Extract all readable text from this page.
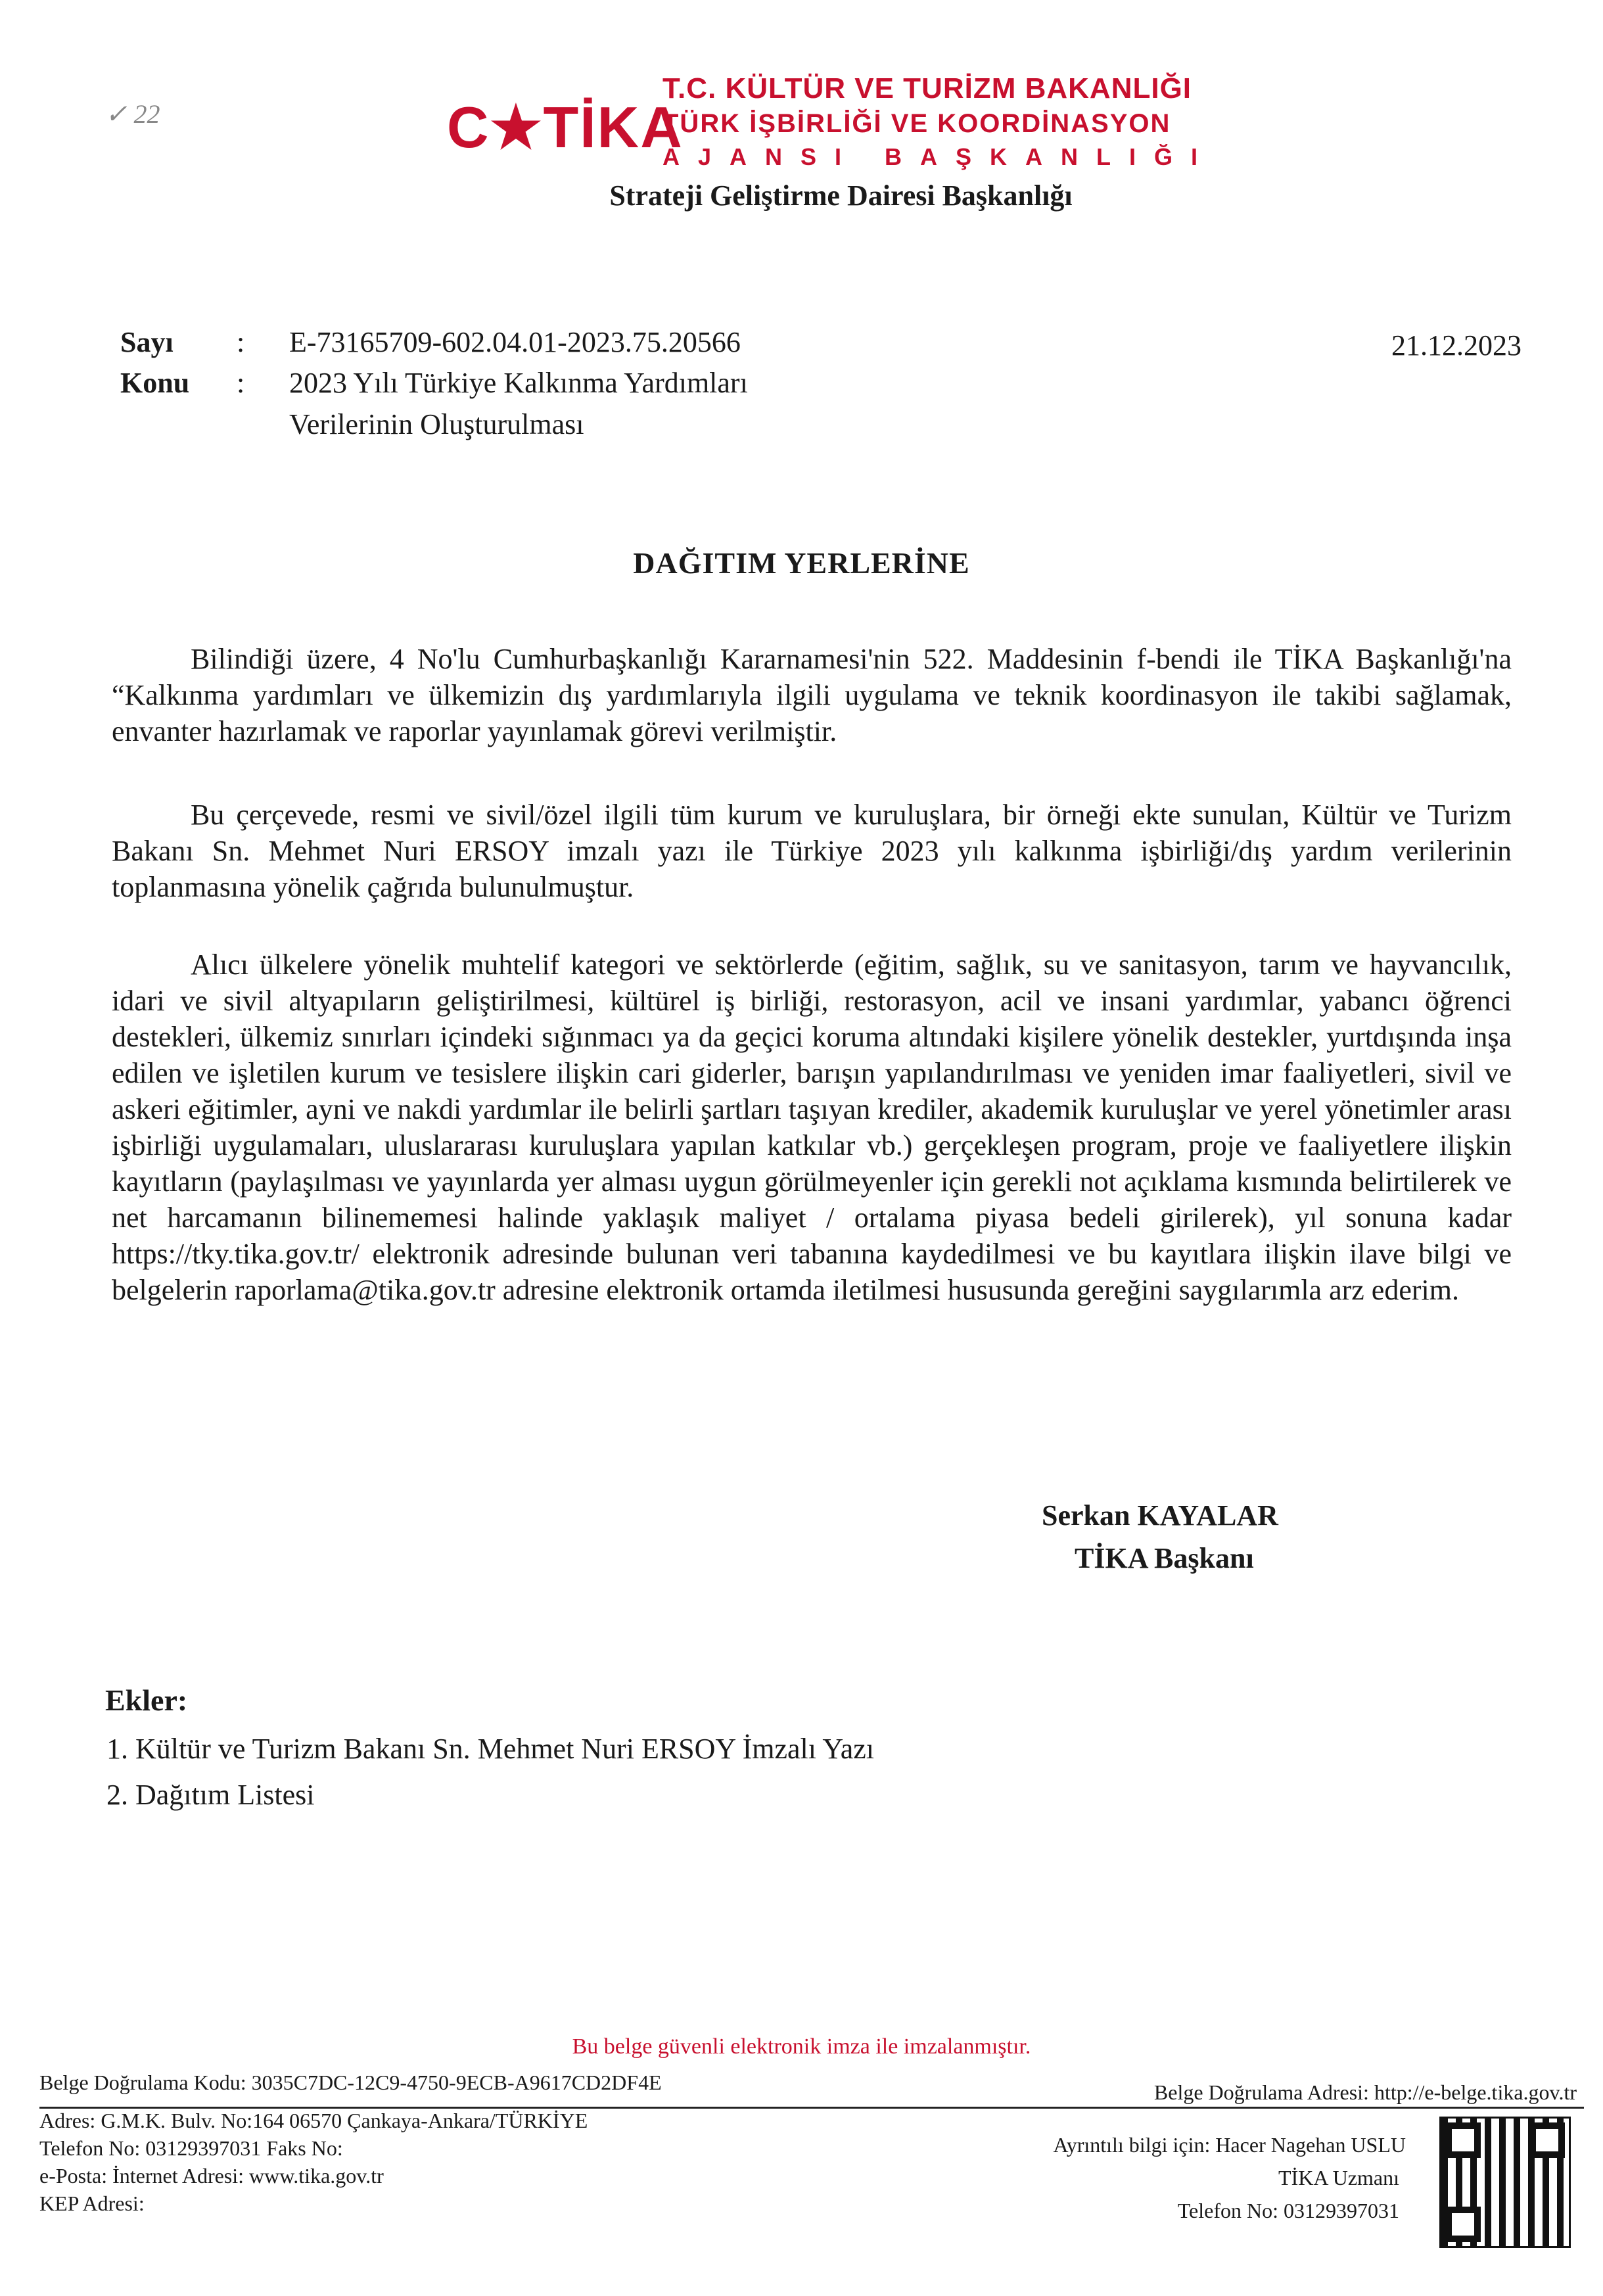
✓ 22	C★TİKA
T.C. KÜLTÜR VE TURİZM BAKANLIĞI
TÜRK İŞBİRLİĞİ VE KOORDİNASYON
AJANSI BAŞKANLIĞI
Strateji Geliştirme Dairesi Başkanlığı
Sayı : E-73165709-602.04.01-2023.75.20566	21.12.2023
Konu : 2023 Yılı Türkiye Kalkınma Yardımları
Verilerinin Oluşturulması
DAĞITIM YERLERİNE
Bilindiği üzere, 4 No'lu Cumhurbaşkanlığı Kararnamesi'nin 522. Maddesinin f-bendi ile TİKA Başkanlığı'na “Kalkınma yardımları ve ülkemizin dış yardımlarıyla ilgili uygulama ve teknik koordinasyon ile takibi sağlamak, envanter hazırlamak ve raporlar yayınlamak görevi verilmiştir.
Bu çerçevede, resmi ve sivil/özel ilgili tüm kurum ve kuruluşlara, bir örneği ekte sunulan, Kültür ve Turizm Bakanı Sn. Mehmet Nuri ERSOY imzalı yazı ile Türkiye 2023 yılı kalkınma işbirliği/dış yardım verilerinin toplanmasına yönelik çağrıda bulunulmuştur.
Alıcı ülkelere yönelik muhtelif kategori ve sektörlerde (eğitim, sağlık, su ve sanitasyon, tarım ve hayvancılık, idari ve sivil altyapıların geliştirilmesi, kültürel iş birliği, restorasyon, acil ve insani yardımlar, yabancı öğrenci destekleri, ülkemiz sınırları içindeki sığınmacı ya da geçici koruma altındaki kişilere yönelik destekler, yurtdışında inşa edilen ve işletilen kurum ve tesislere ilişkin cari giderler, barışın yapılandırılması ve yeniden imar faaliyetleri, sivil ve askeri eğitimler, ayni ve nakdi yardımlar ile belirli şartları taşıyan krediler, akademik kuruluşlar ve yerel yönetimler arası işbirliği uygulamaları, uluslararası kuruluşlara yapılan katkılar vb.) gerçekleşen program, proje ve faaliyetlere ilişkin kayıtların (paylaşılması ve yayınlarda yer alması uygun görülmeyenler için gerekli not açıklama kısmında belirtilerek ve net harcamanın bilinememesi halinde yaklaşık maliyet / ortalama piyasa bedeli girilerek), yıl sonuna kadar https://tky.tika.gov.tr/ elektronik adresinde bulunan veri tabanına kaydedilmesi ve bu kayıtlara ilişkin ilave bilgi ve belgelerin raporlama@tika.gov.tr adresine elektronik ortamda iletilmesi hususunda gereğini saygılarımla arz ederim.
Serkan KAYALAR
TİKA Başkanı
Ekler:
1. Kültür ve Turizm Bakanı Sn. Mehmet Nuri ERSOY İmzalı Yazı
2. Dağıtım Listesi
Bu belge güvenli elektronik imza ile imzalanmıştır.
Belge Doğrulama Kodu: 3035C7DC-12C9-4750-9ECB-A9617CD2DF4E	Belge Doğrulama Adresi: http://e-belge.tika.gov.tr
Adres: G.M.K. Bulv. No:164 06570 Çankaya-Ankara/TÜRKİYE
Telefon No: 03129397031 Faks No:
e-Posta: İnternet Adresi: www.tika.gov.tr
KEP Adresi:
Ayrıntılı bilgi için: Hacer Nagehan USLU
TİKA Uzmanı
Telefon No: 03129397031
